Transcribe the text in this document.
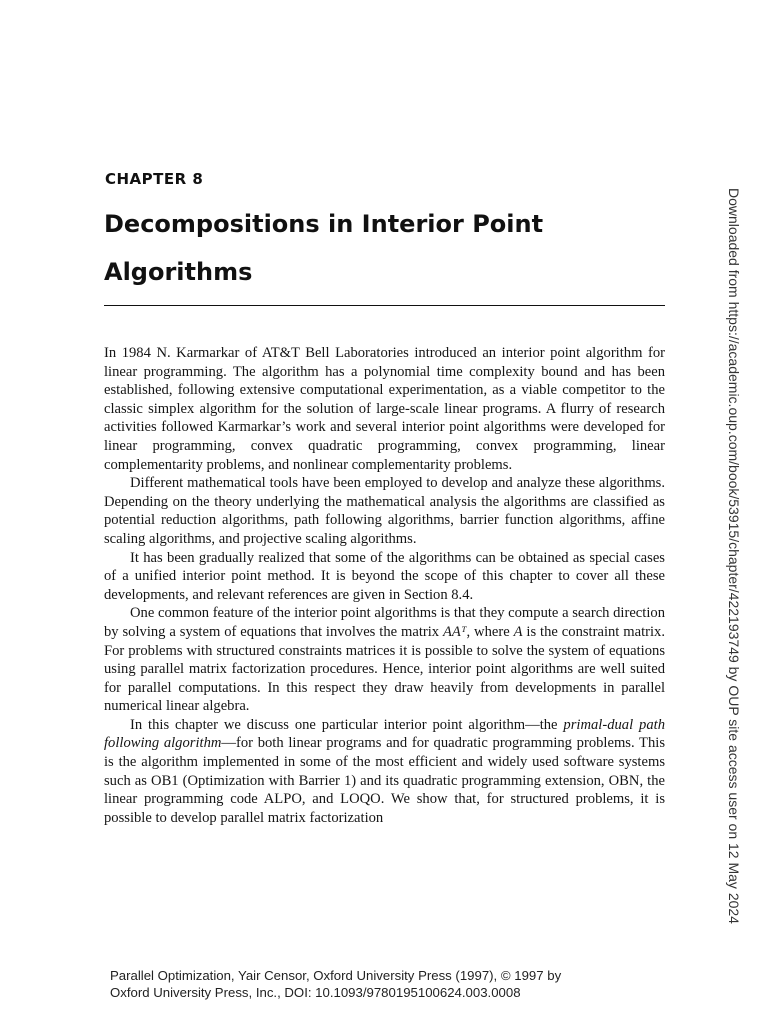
CHAPTER 8
Decompositions in Interior Point Algorithms

In 1984 N. Karmarkar of AT&T Bell Laboratories introduced an interior point algorithm for linear programming. The algorithm has a polynomial time complexity bound and has been established, following extensive computational experimentation, as a viable competitor to the classic simplex algorithm for the solution of large-scale linear programs. A flurry of research activities followed Karmarkar’s work and several interior point algorithms were developed for linear programming, convex quadratic programming, convex programming, linear complementarity problems, and nonlinear complementarity problems.

Different mathematical tools have been employed to develop and analyze these algorithms. Depending on the theory underlying the mathematical analysis the algorithms are classified as potential reduction algorithms, path following algorithms, barrier function algorithms, affine scaling algorithms, and projective scaling algorithms.

It has been gradually realized that some of the algorithms can be obtained as special cases of a unified interior point method. It is beyond the scope of this chapter to cover all these developments, and relevant references are given in Section 8.4.

One common feature of the interior point algorithms is that they compute a search direction by solving a system of equations that involves the matrix AAᵀ, where A is the constraint matrix. For problems with structured constraints matrices it is possible to solve the system of equations using parallel matrix factorization procedures. Hence, interior point algorithms are well suited for parallel computations. In this respect they draw heavily from developments in parallel numerical linear algebra.

In this chapter we discuss one particular interior point algorithm—the primal-dual path following algorithm—for both linear programs and for quadratic programming problems. This is the algorithm implemented in some of the most efficient and widely used software systems such as OB1 (Optimization with Barrier 1) and its quadratic programming extension, OBN, the linear programming code ALPO, and LOQO. We show that, for structured problems, it is possible to develop parallel matrix factorization	Downloaded from https://academic.oup.com/book/53915/chapter/422193749 by OUP site access user on 12 May 2024
Parallel Optimization, Yair Censor, Oxford University Press (1997), © 1997 by
Oxford University Press, Inc., DOI: 10.1093/9780195100624.003.0008
